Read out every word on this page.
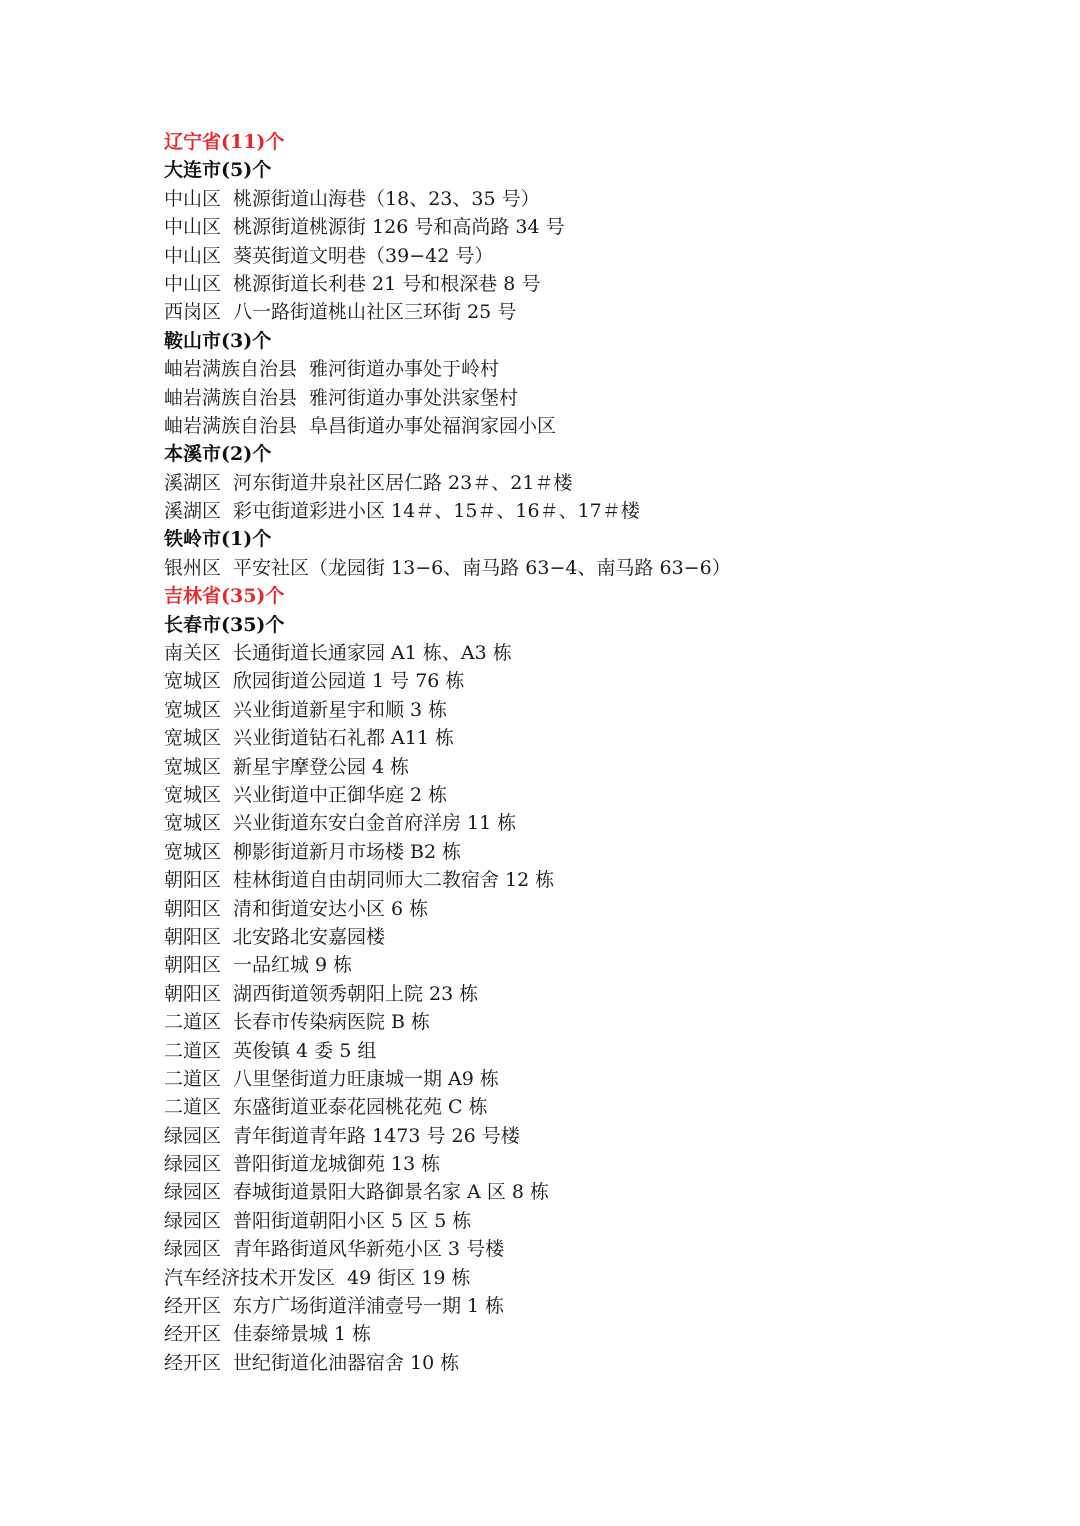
辽宁省(11)个
大连市(5)个
中山区 桃源街道山海巷（18、23、35 号）
中山区 桃源街道桃源街 126 号和高尚路 34 号
中山区 葵英街道文明巷（39−42 号）
中山区 桃源街道长利巷 21 号和根深巷 8 号
西岗区 八一路街道桃山社区三环街 25 号
鞍山市(3)个
岫岩满族自治县 雅河街道办事处于岭村
岫岩满族自治县 雅河街道办事处洪家堡村
岫岩满族自治县 阜昌街道办事处福润家园小区
本溪市(2)个
溪湖区 河东街道井泉社区居仁路 23＃、21＃楼
溪湖区 彩屯街道彩进小区 14＃、15＃、16＃、17＃楼
铁岭市(1)个
银州区 平安社区（龙园街 13−6、南马路 63−4、南马路 63−6）
吉林省(35)个
长春市(35)个
南关区 长通街道长通家园 A1 栋、A3 栋
宽城区 欣园街道公园道 1 号 76 栋
宽城区 兴业街道新星宇和顺 3 栋
宽城区 兴业街道钻石礼都 A11 栋
宽城区 新星宇摩登公园 4 栋
宽城区 兴业街道中正御华庭 2 栋
宽城区 兴业街道东安白金首府洋房 11 栋
宽城区 柳影街道新月市场楼 B2 栋
朝阳区 桂林街道自由胡同师大二教宿舍 12 栋
朝阳区 清和街道安达小区 6 栋
朝阳区 北安路北安嘉园楼
朝阳区 一品红城 9 栋
朝阳区 湖西街道领秀朝阳上院 23 栋
二道区 长春市传染病医院 B 栋
二道区 英俊镇 4 委 5 组
二道区 八里堡街道力旺康城一期 A9 栋
二道区 东盛街道亚泰花园桃花苑 C 栋
绿园区 青年街道青年路 1473 号 26 号楼
绿园区 普阳街道龙城御苑 13 栋
绿园区 春城街道景阳大路御景名家 A 区 8 栋
绿园区 普阳街道朝阳小区 5 区 5 栋
绿园区 青年路街道风华新苑小区 3 号楼
汽车经济技术开发区 49 街区 19 栋
经开区 东方广场街道洋浦壹号一期 1 栋
经开区 佳泰缔景城 1 栋
经开区 世纪街道化油器宿舍 10 栋
